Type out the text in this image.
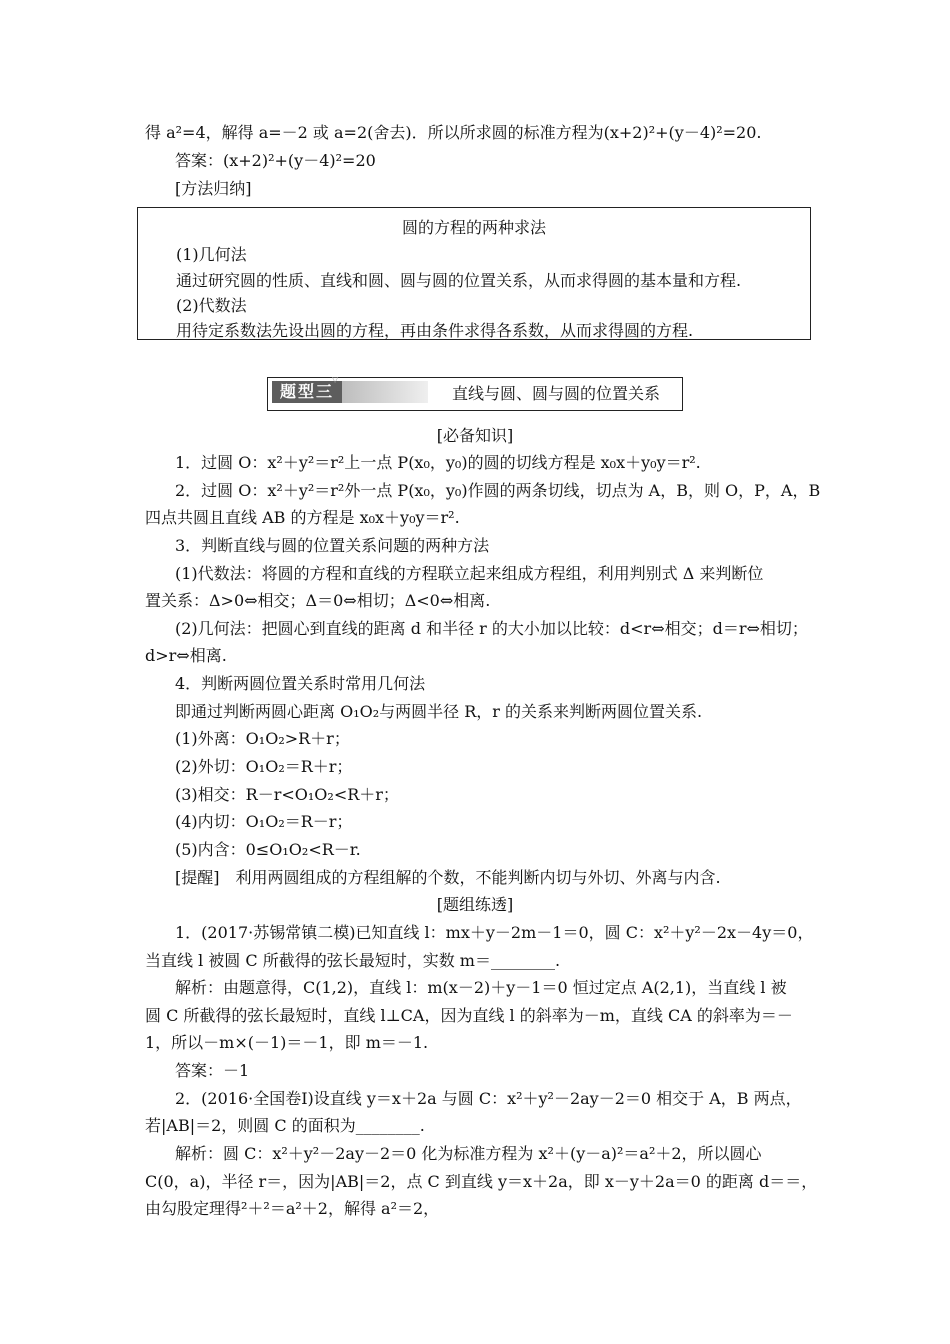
得 a²=4，解得 a=－2 或 a=2(舍去)．所以所求圆的标准方程为(x+2)²+(y－4)²=20.
答案：(x+2)²+(y－4)²=20
[方法归纳]
圆的方程的两种求法
(1)几何法
通过研究圆的性质、直线和圆、圆与圆的位置关系，从而求得圆的基本量和方程.
(2)代数法
用待定系数法先设出圆的方程，再由条件求得各系数，从而求得圆的方程.
题型三
▽
直线与圆、圆与圆的位置关系
[必备知识]
1．过圆 O：x²＋y²＝r²上一点 P(x₀，y₀)的圆的切线方程是 x₀x＋y₀y＝r².
2．过圆 O：x²＋y²＝r²外一点 P(x₀，y₀)作圆的两条切线，切点为 A，B，则 O，P，A，B
四点共圆且直线 AB 的方程是 x₀x＋y₀y＝r².
3．判断直线与圆的位置关系问题的两种方法
(1)代数法：将圆的方程和直线的方程联立起来组成方程组，利用判别式 Δ 来判断位
置关系：Δ>0⇔相交；Δ＝0⇔相切；Δ<0⇔相离.
(2)几何法：把圆心到直线的距离 d 和半径 r 的大小加以比较：d<r⇔相交；d＝r⇔相切；
d>r⇔相离.
4．判断两圆位置关系时常用几何法
即通过判断两圆心距离 O₁O₂与两圆半径 R，r 的关系来判断两圆位置关系.
(1)外离：O₁O₂>R＋r；
(2)外切：O₁O₂＝R＋r；
(3)相交：R－r<O₁O₂<R＋r；
(4)内切：O₁O₂＝R－r；
(5)内含：0≤O₁O₂<R－r.
[提醒]　利用两圆组成的方程组解的个数，不能判断内切与外切、外离与内含.
[题组练透]
1．(2017·苏锡常镇二模)已知直线 l：mx＋y－2m－1＝0，圆 C：x²＋y²－2x－4y＝0，
当直线 l 被圆 C 所截得的弦长最短时，实数 m＝________.
解析：由题意得，C(1,2)，直线 l：m(x－2)＋y－1＝0 恒过定点 A(2,1)，当直线 l 被
圆 C 所截得的弦长最短时，直线 l⊥CA，因为直线 l 的斜率为－m，直线 CA 的斜率为＝－
1，所以－m×(－1)＝－1，即 m＝－1.
答案：－1
2．(2016·全国卷Ⅰ)设直线 y＝x＋2a 与圆 C：x²＋y²－2ay－2＝0 相交于 A，B 两点，
若|AB|＝2，则圆 C 的面积为________.
解析：圆 C：x²＋y²－2ay－2＝0 化为标准方程为 x²＋(y－a)²＝a²＋2，所以圆心
C(0，a)，半径 r＝，因为|AB|＝2，点 C 到直线 y＝x＋2a，即 x－y＋2a＝0 的距离 d＝＝，
由勾股定理得²＋²＝a²＋2，解得 a²＝2，
